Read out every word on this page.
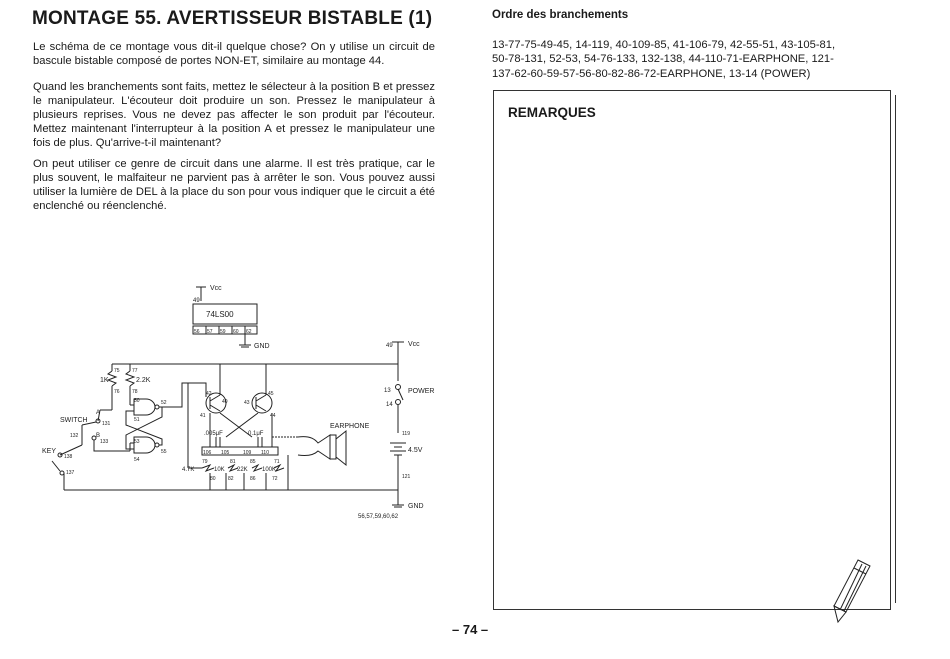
MONTAGE 55. AVERTISSEUR BISTABLE (1)

Le schéma de ce montage vous dit-il quelque chose? On y utilise un circuit de bascule bistable composé de portes NON-ET, similaire au montage 44.

Quand les branchements sont faits, mettez le sélecteur à la position B et pressez le manipulateur. L'écouteur doit produire un son. Pressez le manipulateur à plusieurs reprises. Vous ne devez pas affecter le son produit par l'écouteur. Mettez maintenant l'interrupteur à la position A et pressez le manipulateur une fois de plus. Qu'arrive-t-il maintenant?

On peut utiliser ce genre de circuit dans une alarme. Il est très pratique, car le plus souvent, le malfaiteur ne parvient pas à arrêter le son. Vous pouvez aussi utiliser la lumière de DEL à la place du son pour vous indiquer que le circuit a été enclenché ou réenclenché.

Vcc
49
74LS00
56 57 59 60 62
GND	49 Vcc
13 POWER
14
119
4.5V
121
GND
56,57,59,60,62
75
1K
76
77
2.2K
78
50	52
51
53
55
54
SWITCH
A
131
132	B
133
KEY
138
137
42
40
41
43
45
44
.005μF	0.1μF
106 105	109 110
79	81	85	71
4.7K	10K 22K 100K
80 82	86	72
EARPHONE
Ordre des branchements
13-77-75-49-45, 14-119, 40-109-85, 41-106-79, 42-55-51, 43-105-81, 50-78-131, 52-53, 54-76-133, 132-138, 44-110-71-EARPHONE, 121-137-62-60-59-57-56-80-82-86-72-EARPHONE, 13-14 (POWER)
REMARQUES
– 74 –
